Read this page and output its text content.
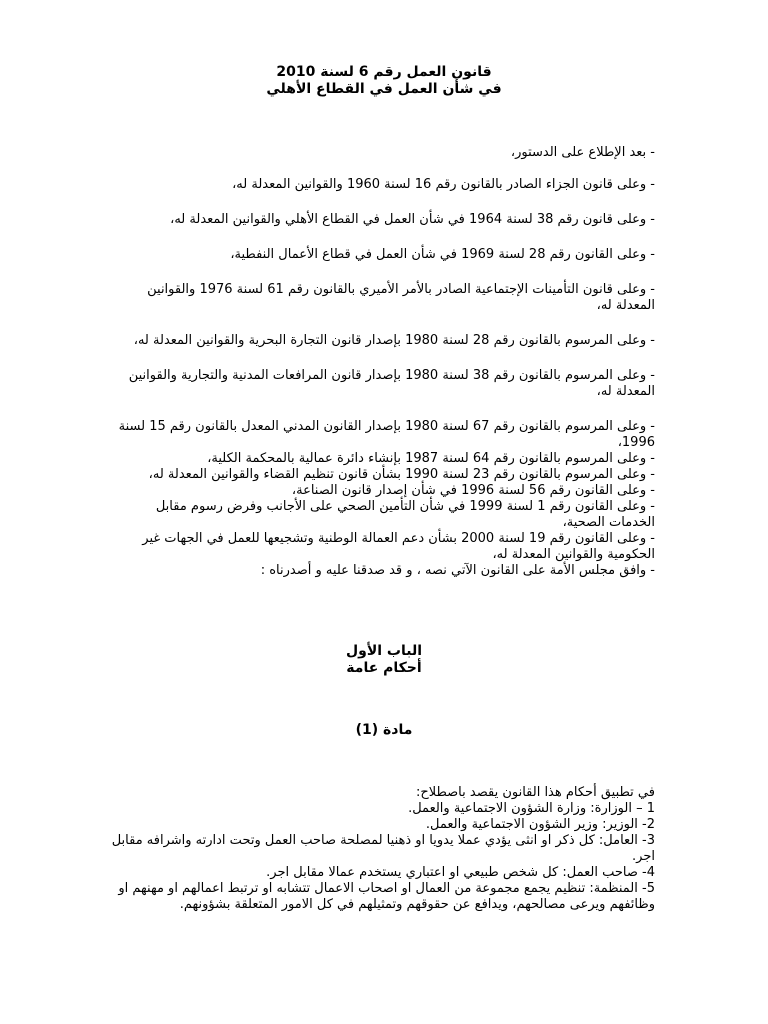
قانون العمل رقم 6 لسنة 2010
في شأن العمل في القطاع الأهلي

- بعد الإطلاع على الدستور،

- وعلى قانون الجزاء الصادر بالقانون رقم 16 لسنة 1960 والقوانين المعدلة له،

- وعلى قانون رقم 38 لسنة 1964 في شأن العمل في القطاع الأهلي والقوانين المعدلة له،

- وعلى القانون رقم 28 لسنة 1969 في شأن العمل في قطاع الأعمال النفطية،

- وعلى قانون التأمينات الإجتماعية الصادر بالأمر الأميري بالقانون رقم 61 لسنة 1976 والقوانين المعدلة له،

- وعلى المرسوم بالقانون رقم 28 لسنة 1980 بإصدار قانون التجارة البحرية والقوانين المعدلة له،

- وعلى المرسوم بالقانون رقم 38 لسنة 1980 بإصدار قانون المرافعات المدنية والتجارية والقوانين المعدلة له،

- وعلى المرسوم بالقانون رقم 67 لسنة 1980 بإصدار القانون المدني المعدل بالقانون رقم 15 لسنة 1996،

- وعلى المرسوم بالقانون رقم 64 لسنة 1987 بإنشاء دائرة عمالية بالمحكمة الكلية،

- وعلى المرسوم بالقانون رقم 23 لسنة 1990 بشأن قانون تنظيم القضاء والقوانين المعدلة له،

- وعلى القانون رقم 56 لسنة 1996 في شأن إصدار قانون الصناعة،

- وعلى القانون رقم 1 لسنة 1999 في شأن التأمين الصحي على الأجانب وفرض رسوم مقابل الخدمات الصحية،

- وعلى القانون رقم 19 لسنة 2000 بشأن دعم العمالة الوطنية وتشجيعها للعمل في الجهات غير الحكومية والقوانين المعدلة له،

- وافق مجلس الأمة على القانون الآتي نصه ، و قد صدقنا عليه و أصدرناه :

الباب الأول
أحكام عامة
مادة (1)

في تطبيق أحكام هذا القانون يقصد باصطلاح:

1 – الوزارة: وزارة الشؤون الاجتماعية والعمل.

2- الوزير: وزير الشؤون الاجتماعية والعمل.

3- العامل: كل ذكر او انثى يؤدي عملا يدويا او ذهنيا لمصلحة صاحب العمل وتحت ادارته واشرافه مقابل اجر.

4- صاحب العمل: كل شخص طبيعي او اعتباري يستخدم عمالا مقابل اجر.

5- المنظمة: تنظيم يجمع مجموعة من العمال او اصحاب الاعمال تتشابه او ترتبط اعمالهم او مهنهم او وظائفهم ويرعى مصالحهم، ويدافع عن حقوقهم وتمثيلهم في كل الامور المتعلقة بشؤونهم.
